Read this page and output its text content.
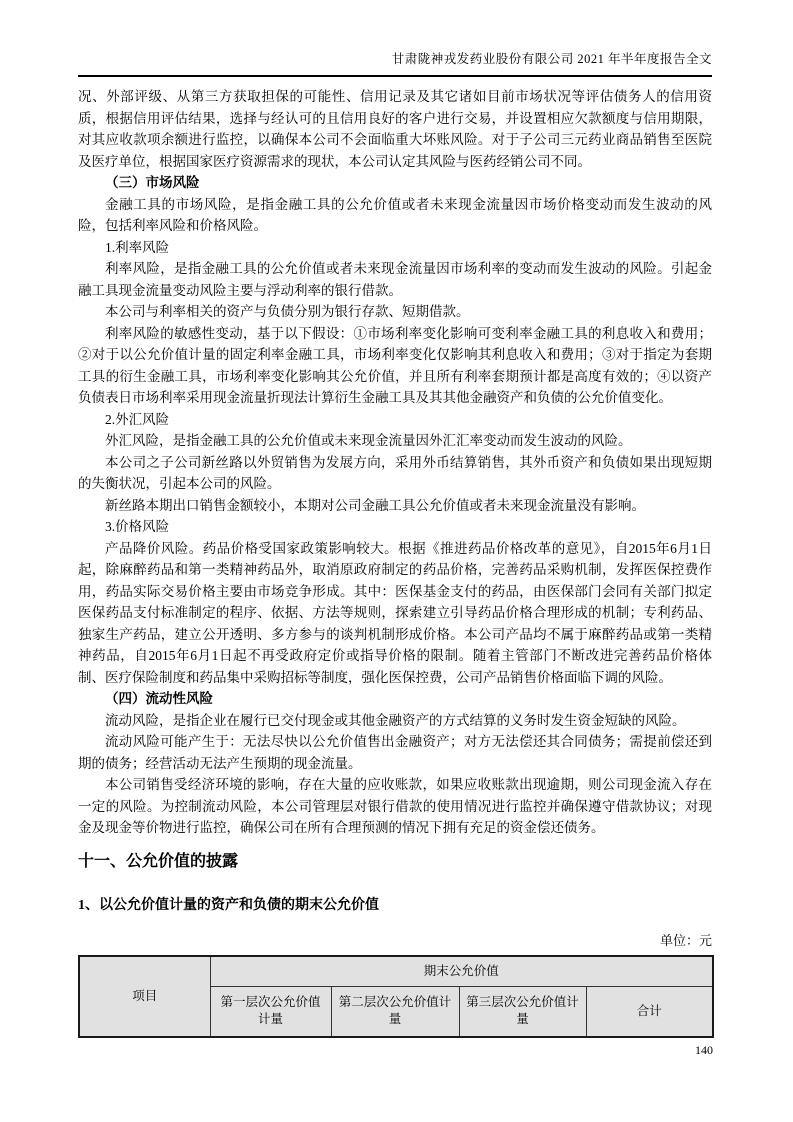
甘肃陇神戎发药业股份有限公司 2021 年半年度报告全文

况、外部评级、从第三方获取担保的可能性、信用记录及其它诸如目前市场状况等评估债务人的信用资质，根据信用评估结果，选择与经认可的且信用良好的客户进行交易，并设置相应欠款额度与信用期限，对其应收款项余额进行监控，以确保本公司不会面临重大坏账风险。对于子公司三元药业商品销售至医院及医疗单位，根据国家医疗资源需求的现状，本公司认定其风险与医药经销公司不同。

（三）市场风险

金融工具的市场风险，是指金融工具的公允价值或者未来现金流量因市场价格变动而发生波动的风险，包括利率风险和价格风险。

1.利率风险

利率风险，是指金融工具的公允价值或者未来现金流量因市场利率的变动而发生波动的风险。引起金融工具现金流量变动风险主要与浮动利率的银行借款。

本公司与利率相关的资产与负债分别为银行存款、短期借款。

利率风险的敏感性变动，基于以下假设：①市场利率变化影响可变利率金融工具的利息收入和费用；②对于以公允价值计量的固定利率金融工具，市场利率变化仅影响其利息收入和费用；③对于指定为套期工具的衍生金融工具，市场利率变化影响其公允价值，并且所有利率套期预计都是高度有效的；④以资产负债表日市场利率采用现金流量折现法计算衍生金融工具及其其他金融资产和负债的公允价值变化。

2.外汇风险

外汇风险，是指金融工具的公允价值或未来现金流量因外汇汇率变动而发生波动的风险。

本公司之子公司新丝路以外贸销售为发展方向，采用外币结算销售，其外币资产和负债如果出现短期的失衡状况，引起本公司的风险。

新丝路本期出口销售金额较小，本期对公司金融工具公允价值或者未来现金流量没有影响。

3.价格风险

产品降价风险。药品价格受国家政策影响较大。根据《推进药品价格改革的意见》，自2015年6月1日起，除麻醉药品和第一类精神药品外，取消原政府制定的药品价格，完善药品采购机制，发挥医保控费作用，药品实际交易价格主要由市场竞争形成。其中：医保基金支付的药品，由医保部门会同有关部门拟定医保药品支付标准制定的程序、依据、方法等规则，探索建立引导药品价格合理形成的机制；专利药品、独家生产药品，建立公开透明、多方参与的谈判机制形成价格。本公司产品均不属于麻醉药品或第一类精神药品，自2015年6月1日起不再受政府定价或指导价格的限制。随着主管部门不断改进完善药品价格体制、医疗保险制度和药品集中采购招标等制度，强化医保控费，公司产品销售价格面临下调的风险。

（四）流动性风险

流动风险，是指企业在履行已交付现金或其他金融资产的方式结算的义务时发生资金短缺的风险。

流动风险可能产生于：无法尽快以公允价值售出金融资产；对方无法偿还其合同债务；需提前偿还到期的债务；经营活动无法产生预期的现金流量。

本公司销售受经济环境的影响，存在大量的应收账款，如果应收账款出现逾期，则公司现金流入存在一定的风险。为控制流动风险，本公司管理层对银行借款的使用情况进行监控并确保遵守借款协议；对现金及现金等价物进行监控，确保公司在所有合理预测的情况下拥有充足的资金偿还债务。

十一、公允价值的披露
1、以公允价值计量的资产和负债的期末公允价值
单位：元
项目	期末公允价值			
	第一层次公允价值计量	第二层次公允价值计量	第三层次公允价值计量	合计
140
